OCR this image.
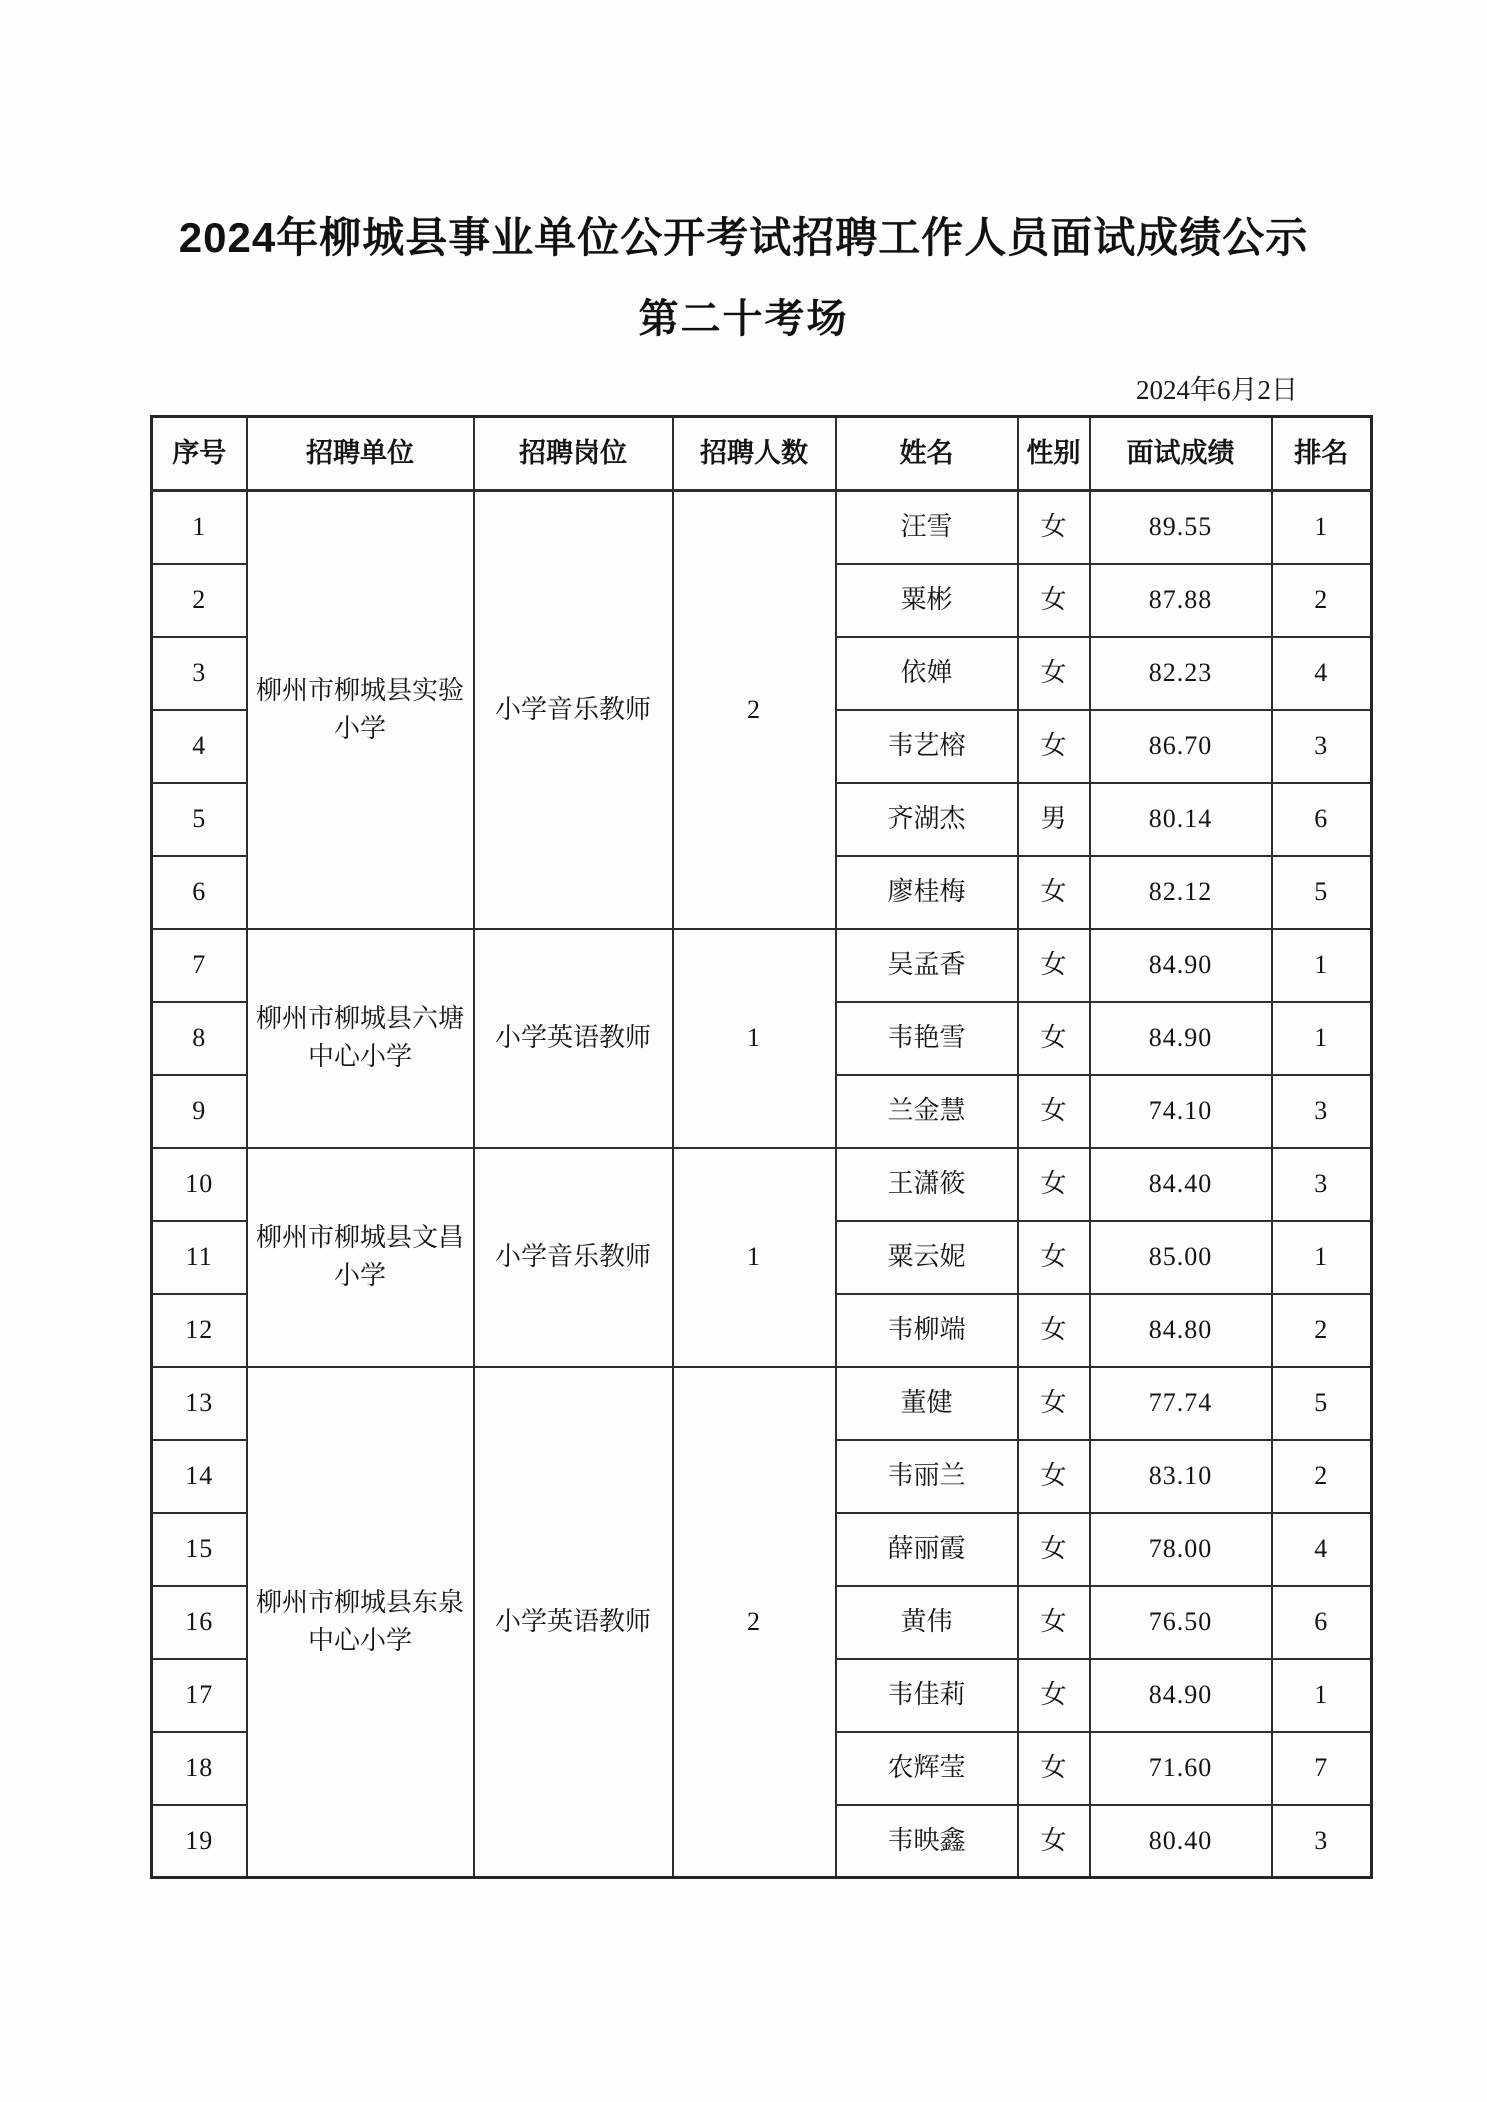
2024年柳城县事业单位公开考试招聘工作人员面试成绩公示
第二十考场
2024年6月2日
序号	招聘单位	招聘岗位	招聘人数	姓名	性别	面试成绩	排名
1	柳州市柳城县实验小学	小学音乐教师	2	汪雪	女	89.55	1
2				粟彬	女	87.88	2
3				依婵	女	82.23	4
4				韦艺榕	女	86.70	3
5				齐湖杰	男	80.14	6
6				廖桂梅	女	82.12	5
7	柳州市柳城县六塘中心小学	小学英语教师	1	吴孟香	女	84.90	1
8				韦艳雪	女	84.90	1
9				兰金慧	女	74.10	3
10	柳州市柳城县文昌小学	小学音乐教师	1	王潇筱	女	84.40	3
11				粟云妮	女	85.00	1
12				韦柳端	女	84.80	2
13	柳州市柳城县东泉中心小学	小学英语教师	2	董健	女	77.74	5
14				韦丽兰	女	83.10	2
15				薛丽霞	女	78.00	4
16				黄伟	女	76.50	6
17				韦佳莉	女	84.90	1
18				农辉莹	女	71.60	7
19				韦映鑫	女	80.40	3
